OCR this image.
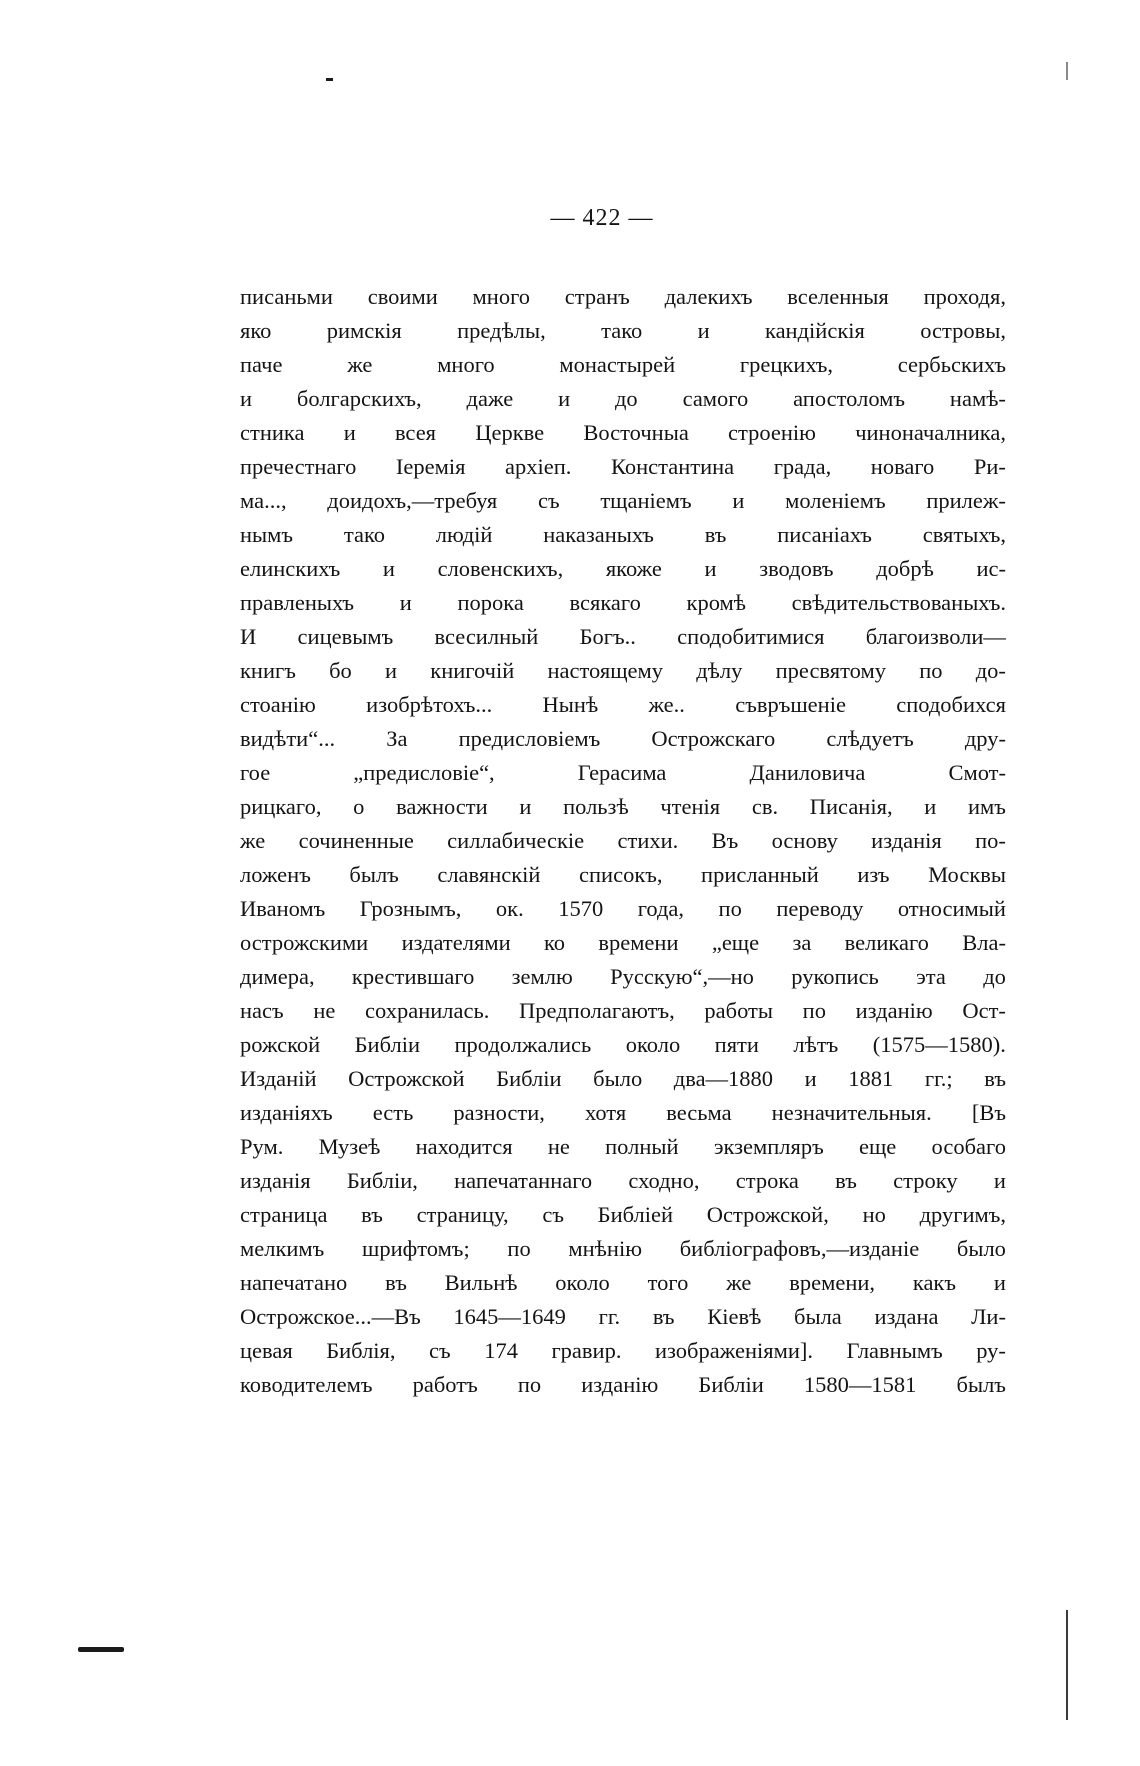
— 422 —
писаньми своими много странъ далекихъ вселенныя проходя,
яко римскія предѣлы, тако и кандійскія островы,
паче	же	много	монастырей	грецкихъ,	сербьскихъ
и болгарскихъ, даже и до самого апостоломъ намѣ-
стника и всея Церкве Восточныа строенію чиноначалника,
пречестнаго Іеремія архіеп. Константина града, новаго Ри-
ма..., доидохъ,—требуя съ тщаніемъ и моленіемъ прилеж-
нымъ тако людій наказаныхъ въ писаніахъ святыхъ,
елинскихъ и словенскихъ, якоже и зводовъ добрѣ ис-
правленыхъ и порока всякаго кромѣ свѣдительствованыхъ.
И сицевымъ всесилный Богъ.. сподобитимися благоизволи—
книгъ бо и книгочій настоящему дѣлу пресвятому по до-
стоанію изобрѣтохъ... Нынѣ же.. съвръшеніе сподобихся
видѣти“... За предисловіемъ Острожскаго слѣдуетъ дру-
гое	„предисловіе“,	Герасима	Даниловича	Смот-
рицкаго, о важности и пользѣ чтенія св. Писанія, и имъ
же сочиненные силлабическіе стихи. Въ основу изданія по-
ложенъ былъ славянскій списокъ, присланный изъ Москвы
Иваномъ Грознымъ, ок. 1570 года, по переводу относимый
острожскими издателями ко времени „еще за великаго Вла-
димера, крестившаго землю Русскую“,—но рукопись эта до
насъ не сохранилась. Предполагаютъ, работы по изданію Ост-
рожской Библіи продолжались около пяти лѣтъ (1575—1580).
Изданій Острожской Библіи было два—1880 и 1881 гг.; въ
изданіяхъ есть разности, хотя весьма незначительныя. [Въ
Рум. Музеѣ находится не полный экземпляръ еще особаго
изданія Библіи, напечатаннаго сходно, строка въ строку и
страница въ страницу, съ Библіей Острожской, но другимъ,
мелкимъ шрифтомъ; по мнѣнію библіографовъ,—изданіе было
напечатано въ Вильнѣ около того же времени, какъ и
Острожское...—Въ 1645—1649 гг. въ Кіевѣ была издана Ли-
цевая Библія, съ 174 гравир. изображеніями]. Главнымъ ру-
ководителемъ работъ по изданію Библіи 1580—1581 былъ
